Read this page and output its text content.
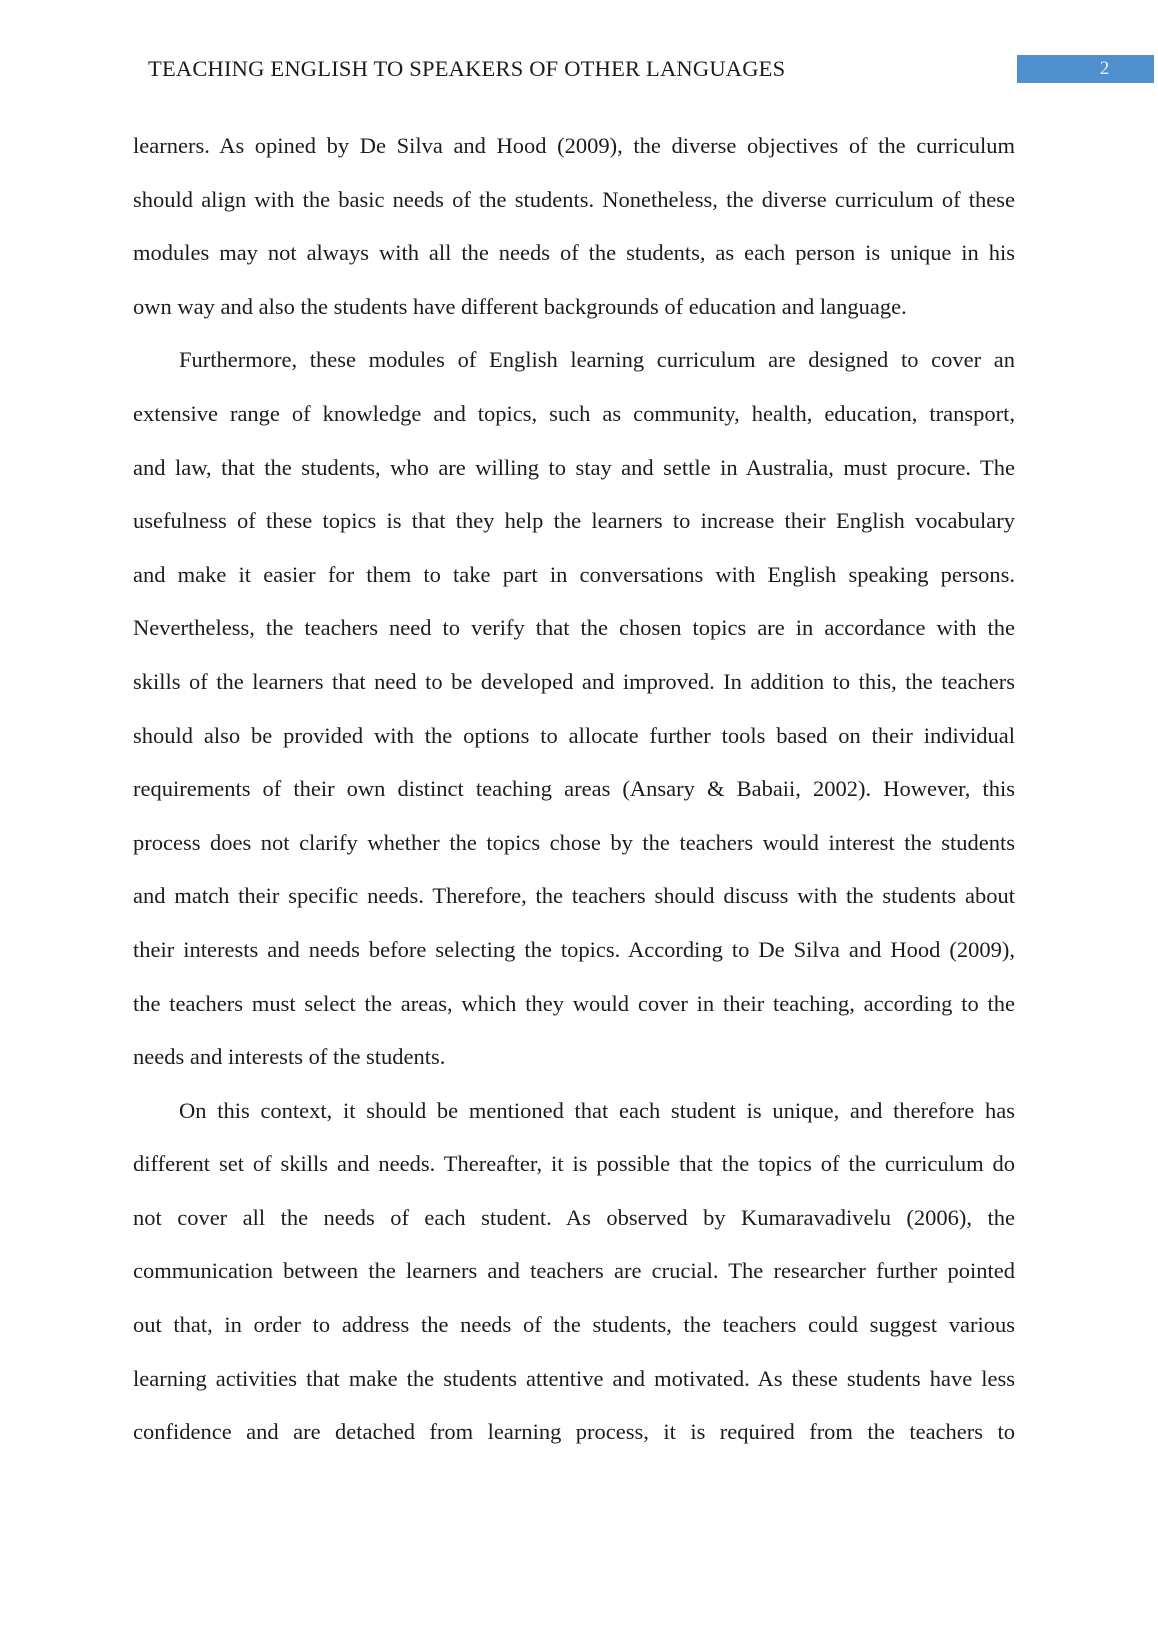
TEACHING ENGLISH TO SPEAKERS OF OTHER LANGUAGES	2
learners. As opined by De Silva and Hood (2009), the diverse objectives of the curriculum
should align with the basic needs of the students. Nonetheless, the diverse curriculum of these
modules may not always with all the needs of the students, as each person is unique in his
own way and also the students have different backgrounds of education and language.
Furthermore, these modules of English learning curriculum are designed to cover an
extensive range of knowledge and topics, such as community, health, education, transport,
and law, that the students, who are willing to stay and settle in Australia, must procure. The
usefulness of these topics is that they help the learners to increase their English vocabulary
and make it easier for them to take part in conversations with English speaking persons.
Nevertheless, the teachers need to verify that the chosen topics are in accordance with the
skills of the learners that need to be developed and improved. In addition to this, the teachers
should also be provided with the options to allocate further tools based on their individual
requirements of their own distinct teaching areas (Ansary & Babaii, 2002). However, this
process does not clarify whether the topics chose by the teachers would interest the students
and match their specific needs. Therefore, the teachers should discuss with the students about
their interests and needs before selecting the topics. According to De Silva and Hood (2009),
the teachers must select the areas, which they would cover in their teaching, according to the
needs and interests of the students.
On this context, it should be mentioned that each student is unique, and therefore has
different set of skills and needs. Thereafter, it is possible that the topics of the curriculum do
not cover all the needs of each student. As observed by Kumaravadivelu (2006), the
communication between the learners and teachers are crucial. The researcher further pointed
out that, in order to address the needs of the students, the teachers could suggest various
learning activities that make the students attentive and motivated. As these students have less
confidence and are detached from learning process, it is required from the teachers to
